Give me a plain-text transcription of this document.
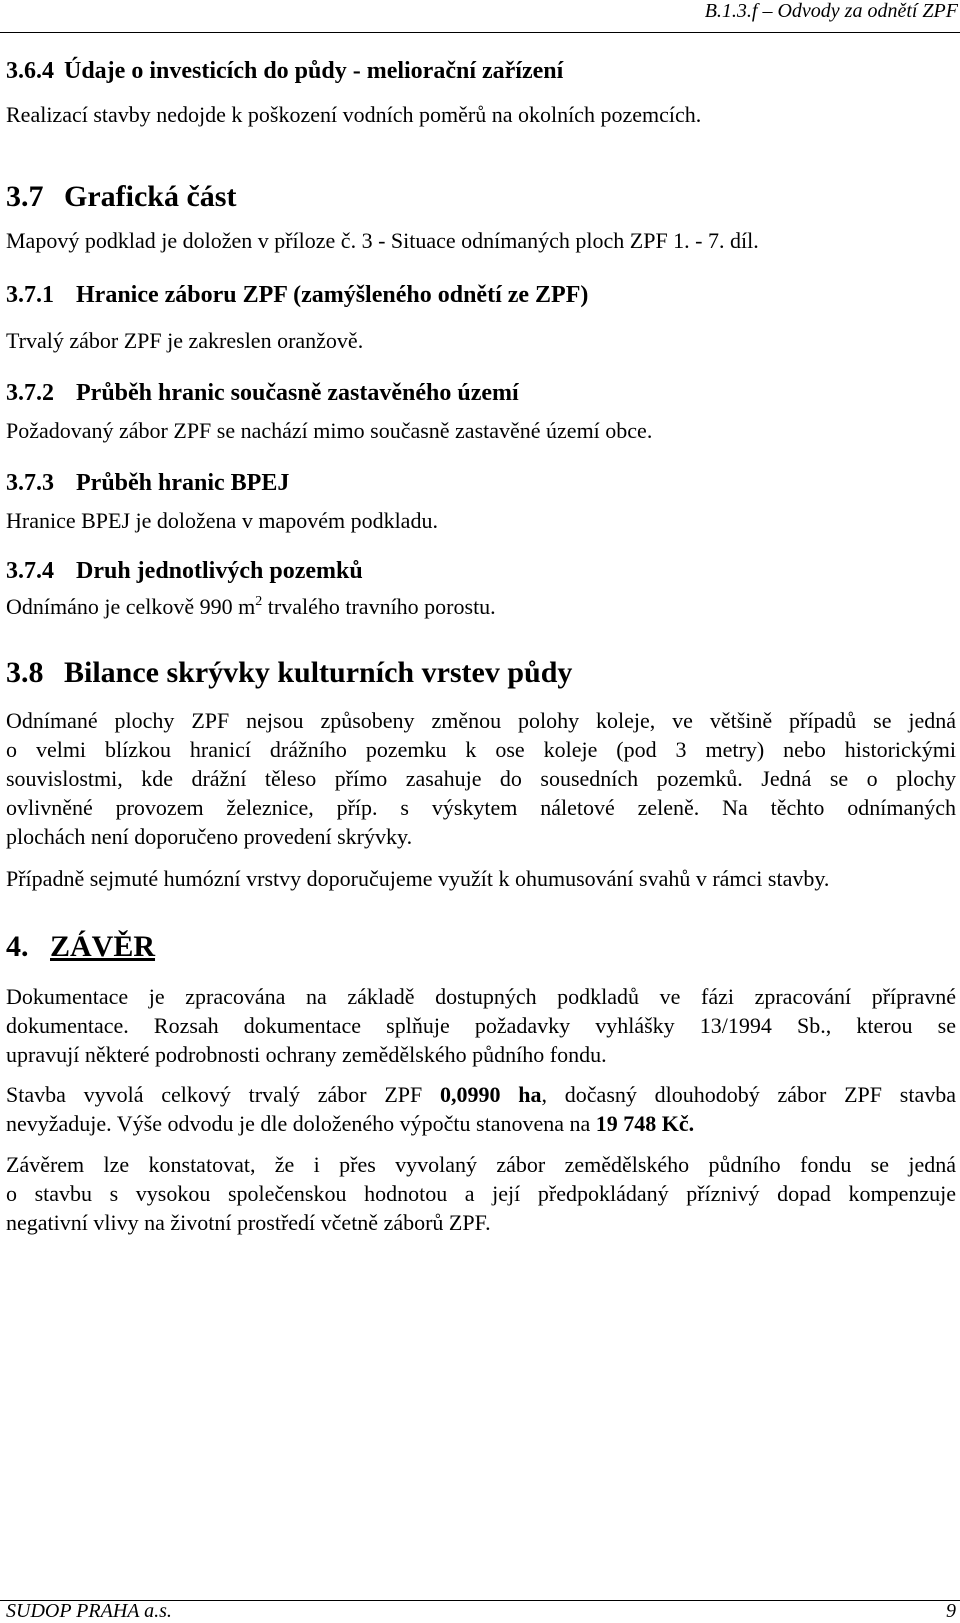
B.1.3.f – Odvody za odnětí ZPF
3.6.4 Údaje o investicích do půdy - meliorační zařízení
Realizací stavby nedojde k poškození vodních poměrů na okolních pozemcích.
3.7 Grafická část
Mapový podklad je doložen v příloze č. 3 - Situace odnímaných ploch ZPF 1. - 7. díl.
3.7.1 Hranice záboru ZPF (zamýšleného odnětí ze ZPF)
Trvalý zábor ZPF je zakreslen oranžově.
3.7.2 Průběh hranic současně zastavěného území
Požadovaný zábor ZPF se nachází mimo současně zastavěné území obce.
3.7.3 Průběh hranic BPEJ
Hranice BPEJ je doložena v mapovém podkladu.
3.7.4 Druh jednotlivých pozemků
Odnímáno je celkově 990 $m^2$ trvalého travního porostu.
3.8 Bilance skrývky kulturních vrstev půdy
Odnímané plochy ZPF nejsou způsobeny změnou polohy koleje, ve většině případů se jedná
o velmi blízkou hranicí drážního pozemku k ose koleje (pod 3 metry) nebo historickými
souvislostmi, kde drážní těleso přímo zasahuje do sousedních pozemků. Jedná se o plochy
ovlivněné provozem železnice, příp. s výskytem náletové zeleně. Na těchto odnímaných
plochách není doporučeno provedení skrývky.
Případně sejmuté humózní vrstvy doporučujeme využít k ohumusování svahů v rámci stavby.
4. ZÁVĚR
Dokumentace je zpracována na základě dostupných podkladů ve fázi zpracování přípravné
dokumentace. Rozsah dokumentace splňuje požadavky vyhlášky 13/1994 Sb., kterou se
upravují některé podrobnosti ochrany zemědělského půdního fondu.
Stavba vyvolá celkový trvalý zábor ZPF 0,0990 ha, dočasný dlouhodobý zábor ZPF stavba
nevyžaduje. Výše odvodu je dle doloženého výpočtu stanovena na 19 748 Kč.
Závěrem lze konstatovat, že i přes vyvolaný zábor zemědělského půdního fondu se jedná
o stavbu s vysokou společenskou hodnotou a její předpokládaný příznivý dopad kompenzuje
negativní vlivy na životní prostředí včetně záborů ZPF.
SUDOP PRAHA a.s.	9
